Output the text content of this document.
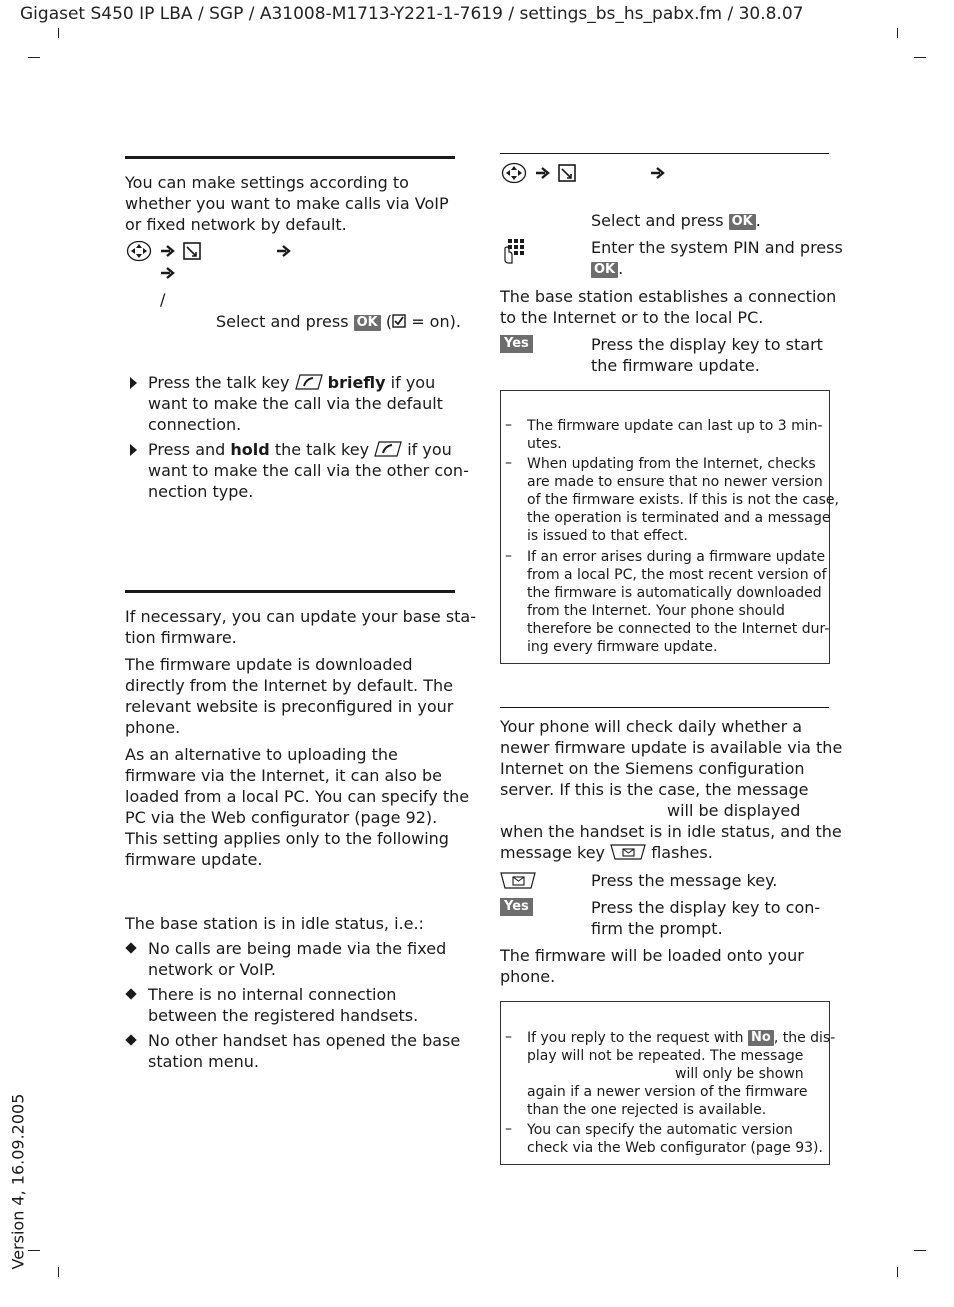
Gigaset S450 IP LBA / SGP / A31008-M1713-Y221-1-7619 / settings_bs_hs_pabx.fm / 30.8.07
Version 4, 16.09.2005
You can make settings according to whether you want to make calls via VoIP or fixed network by default.
/
Select and press OK ( = on).
Press the talk key briefly if you
want to make the call via the default
connection.
Press and hold the talk key if you
want to make the call via the other con-
nection type.
If necessary, you can update your base sta-
tion firmware.
The firmware update is downloaded
directly from the Internet by default. The
relevant website is preconfigured in your
phone.
As an alternative to uploading the
firmware via the Internet, it can also be
loaded from a local PC. You can specify the
PC via the Web configurator (page 92).
This setting applies only to the following
firmware update.
The base station is in idle status, i.e.:
No calls are being made via the fixed
network or VoIP.
There is no internal connection
between the registered handsets.
No other handset has opened the base
station menu.
Select and press OK .
Enter the system PIN and press
OK .
The base station establishes a connection
to the Internet or to the local PC.
Yes	Press the display key to start
the firmware update.
– The firmware update can last up to 3 min-
utes.
– When updating from the Internet, checks
are made to ensure that no newer version
of the firmware exists. If this is not the case,
the operation is terminated and a message
is issued to that effect.
– If an error arises during a firmware update
from a local PC, the most recent version of
the firmware is automatically downloaded
from the Internet. Your phone should
therefore be connected to the Internet dur-
ing every firmware update.
Your phone will check daily whether a
newer firmware update is available via the
Internet on the Siemens configuration
server. If this is the case, the message
will be displayed
when the handset is in idle status, and the
message key	flashes.
Press the message key.
Yes	Press the display key to con-
firm the prompt.
The firmware will be loaded onto your
phone.
– If you reply to the request with No , the dis-
play will not be repeated. The message
will only be shown
again if a newer version of the firmware
than the one rejected is available.
– You can specify the automatic version
check via the Web configurator (page 93).
